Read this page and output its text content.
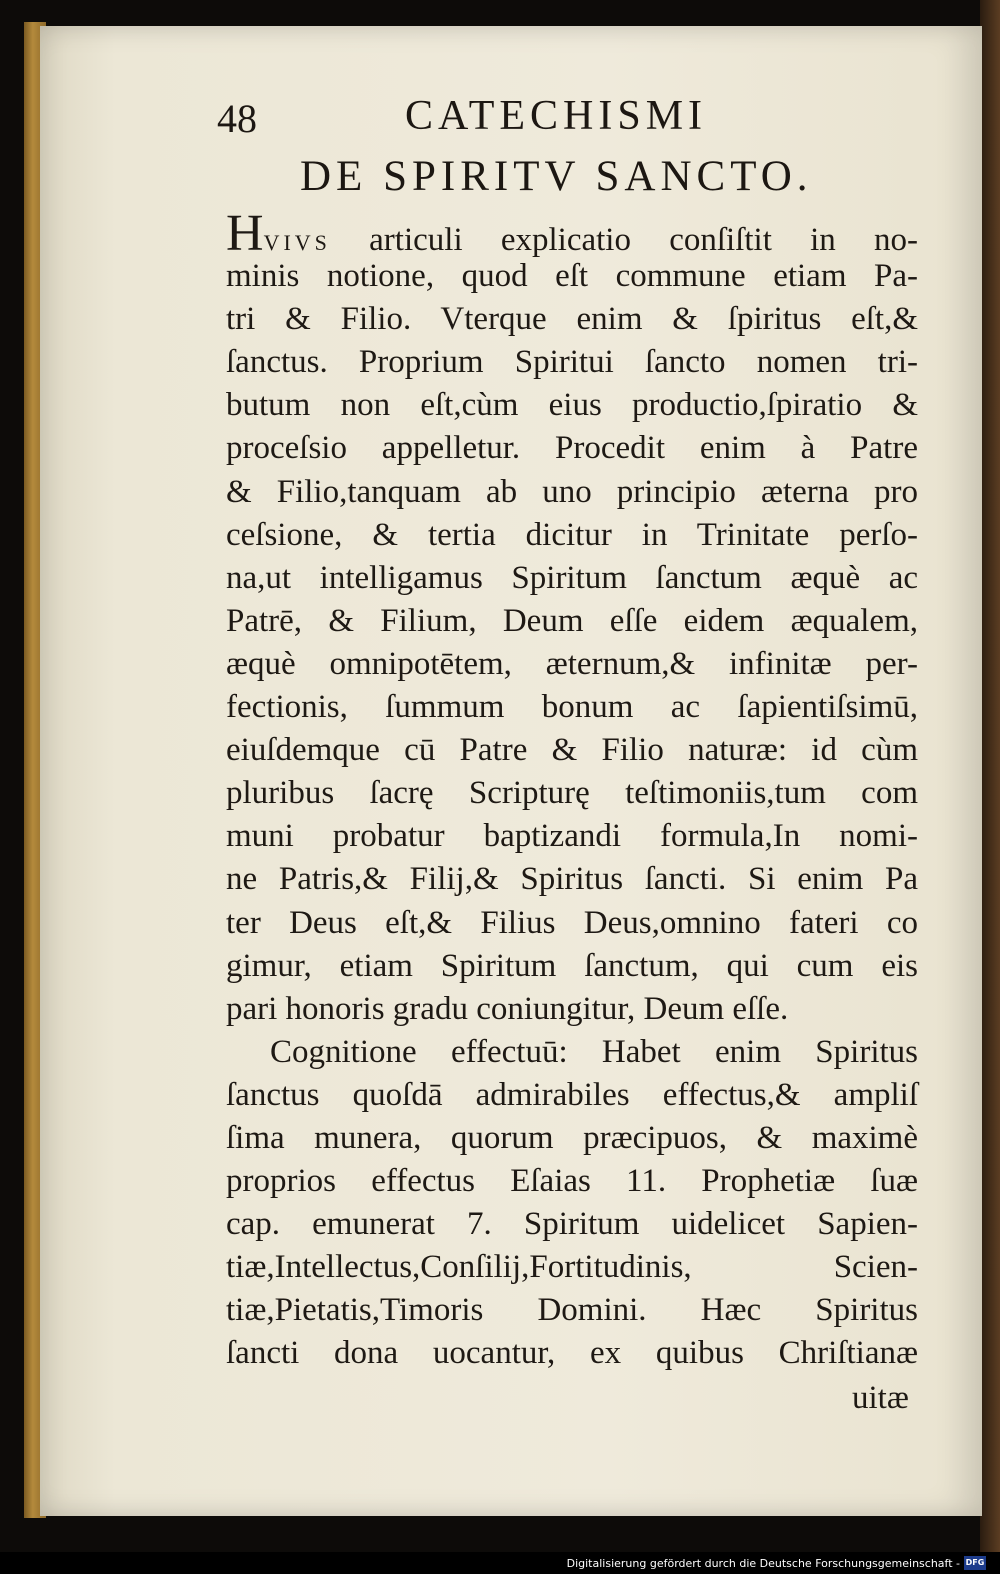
48	CATECHISMI
DE SPIRITV SANCTO.
HVIVS articuli explicatio conſiſtit in no-
minis notione, quod eſt commune etiam Pa-
tri & Filio. Vterque enim & ſpiritus eſt,&
ſanctus. Proprium Spiritui ſancto nomen tri-
butum non eſt,cùm eius productio,ſpiratio &
proceſsio appelletur. Procedit enim à Patre
& Filio,tanquam ab uno principio æterna pro
ceſsione, & tertia dicitur in Trinitate perſo-
na,ut intelligamus Spiritum ſanctum æquè ac
Patrē, & Filium, Deum eſſe eidem æqualem,
æquè omnipotētem, æternum,& infinitæ per-
fectionis, ſummum bonum ac ſapientiſsimū,
eiuſdemque cū Patre & Filio naturæ: id cùm
pluribus ſacrę Scripturę teſtimoniis,tum com
muni probatur baptizandi formula,In nomi-
ne Patris,& Filij,& Spiritus ſancti. Si enim Pa
ter Deus eſt,& Filius Deus,omnino fateri co
gimur, etiam Spiritum ſanctum, qui cum eis
pari honoris gradu coniungitur, Deum eſſe.
Cognitione effectuū: Habet enim Spiritus
ſanctus quoſdā admirabiles effectus,& ampliſ
ſima munera, quorum præcipuos, & maximè
proprios effectus Eſaias 11. Prophetiæ ſuæ
cap. emunerat 7. Spiritum uidelicet Sapien-
tiæ,Intellectus,Conſilij,Fortitudinis, Scien-
tiæ,Pietatis,Timoris Domini. Hæc Spiritus
ſancti dona uocantur, ex quibus Chriſtianæ
uitæ
Digitalisierung gefördert durch die Deutsche Forschungsgemeinschaft - DFG
